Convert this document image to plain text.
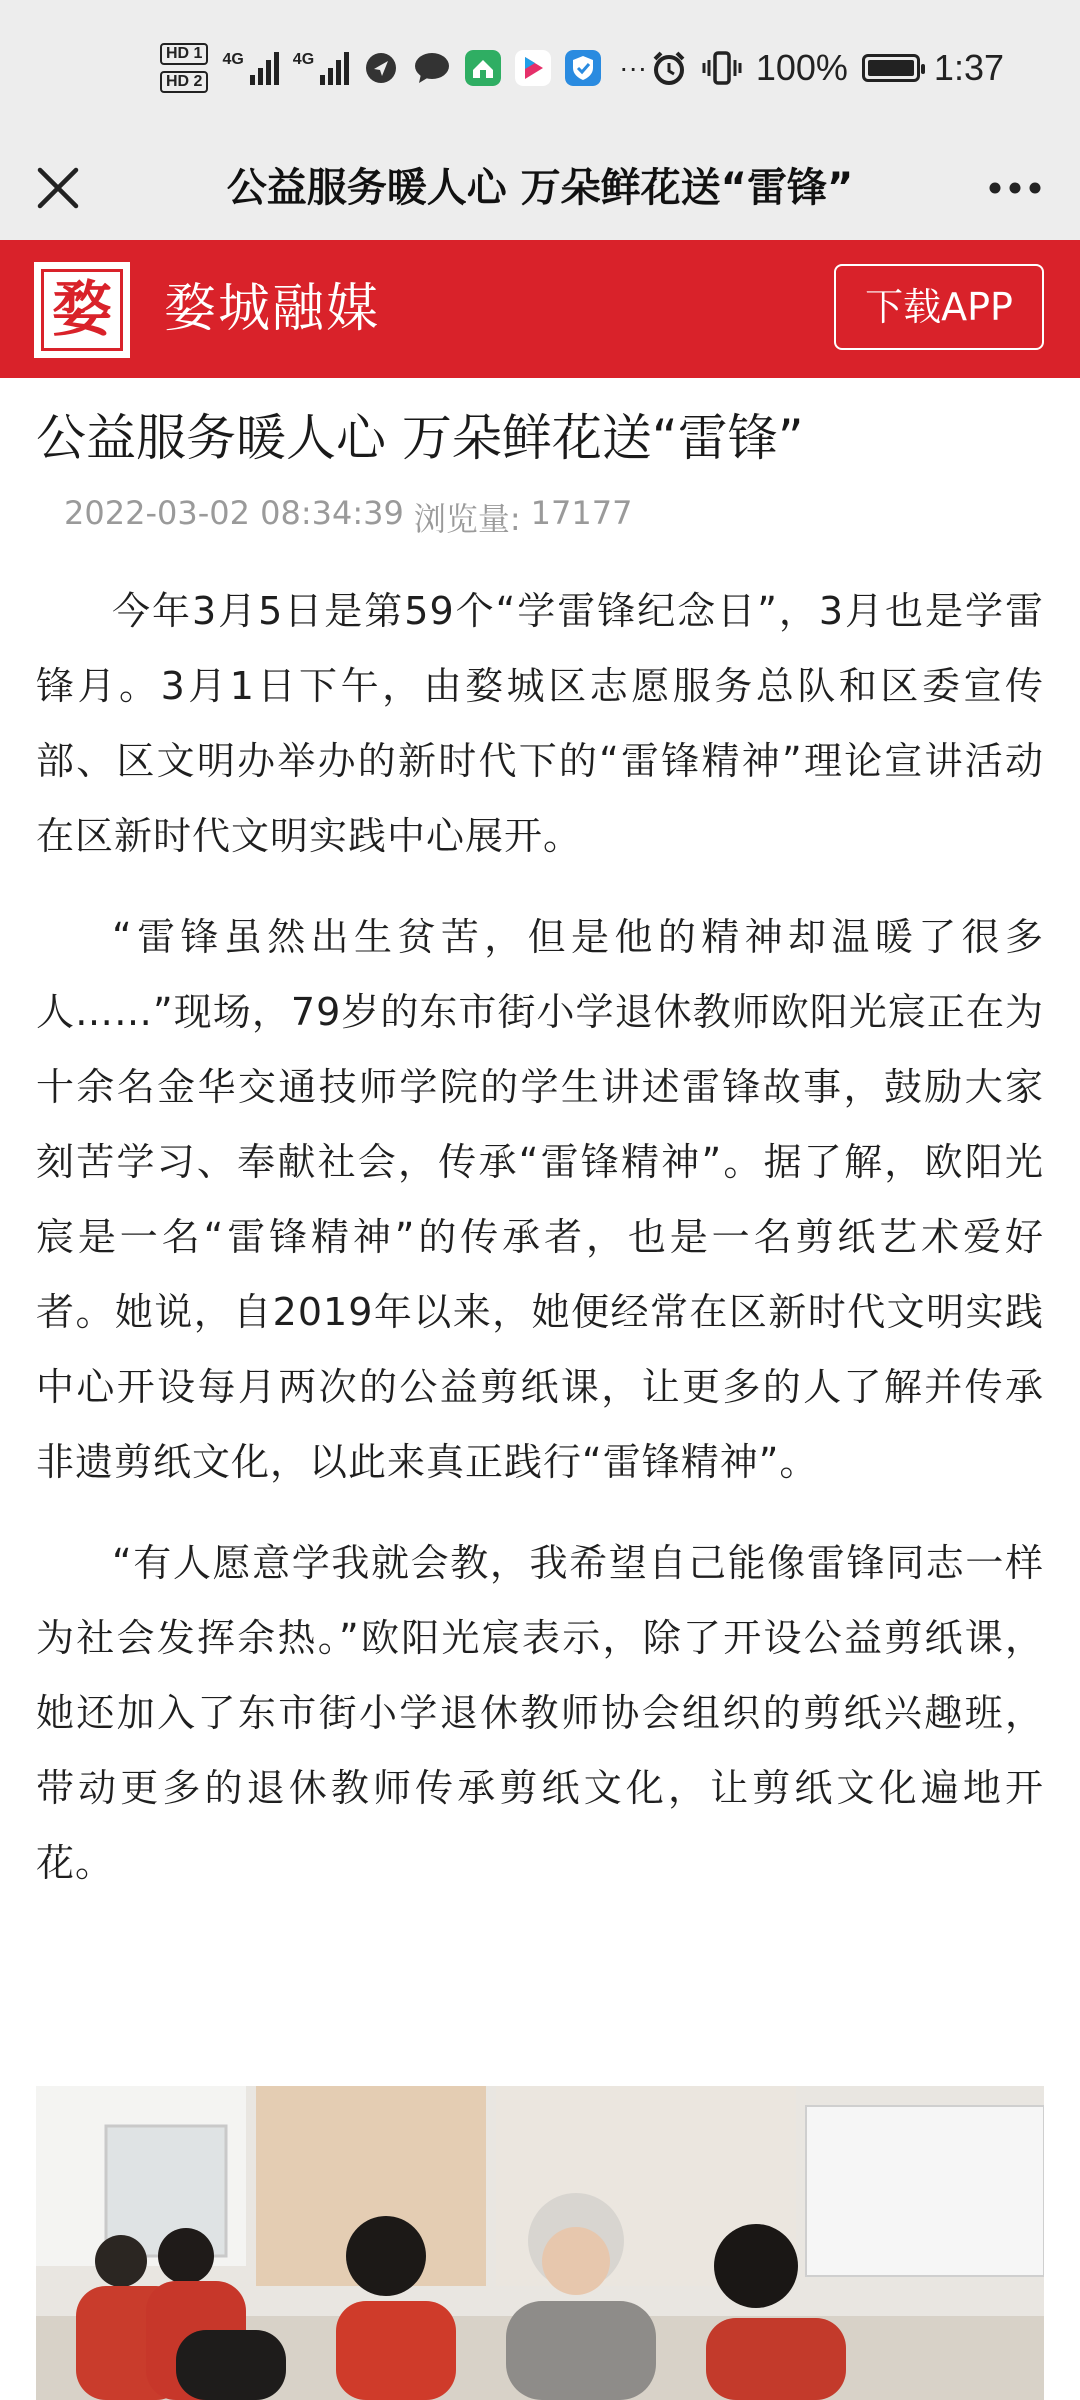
HD 1
HD 2
4G	4G	···	100% 1:37
公益服务暖人心 万朵鲜花送“雷锋”
婺 婺城融媒	下载APP
公益服务暖人心 万朵鲜花送“雷锋”
2022-03-02 08:34:39 浏览量: 17177

今年3月5日是第59个“学雷锋纪念日”，3月也是学雷锋月。3月1日下午，由婺城区志愿服务总队和区委宣传部、区文明办举办的新时代下的“雷锋精神”理论宣讲活动在区新时代文明实践中心展开。

“雷锋虽然出生贫苦，但是他的精神却温暖了很多人……”现场，79岁的东市街小学退休教师欧阳光宸正在为十余名金华交通技师学院的学生讲述雷锋故事，鼓励大家刻苦学习、奉献社会，传承“雷锋精神”。据了解，欧阳光宸是一名“雷锋精神”的传承者，也是一名剪纸艺术爱好者。她说，自2019年以来，她便经常在区新时代文明实践中心开设每月两次的公益剪纸课，让更多的人了解并传承非遗剪纸文化，以此来真正践行“雷锋精神”。

“有人愿意学我就会教，我希望自己能像雷锋同志一样为社会发挥余热。”欧阳光宸表示，除了开设公益剪纸课，她还加入了东市街小学退休教师协会组织的剪纸兴趣班，带动更多的退休教师传承剪纸文化，让剪纸文化遍地开花。
